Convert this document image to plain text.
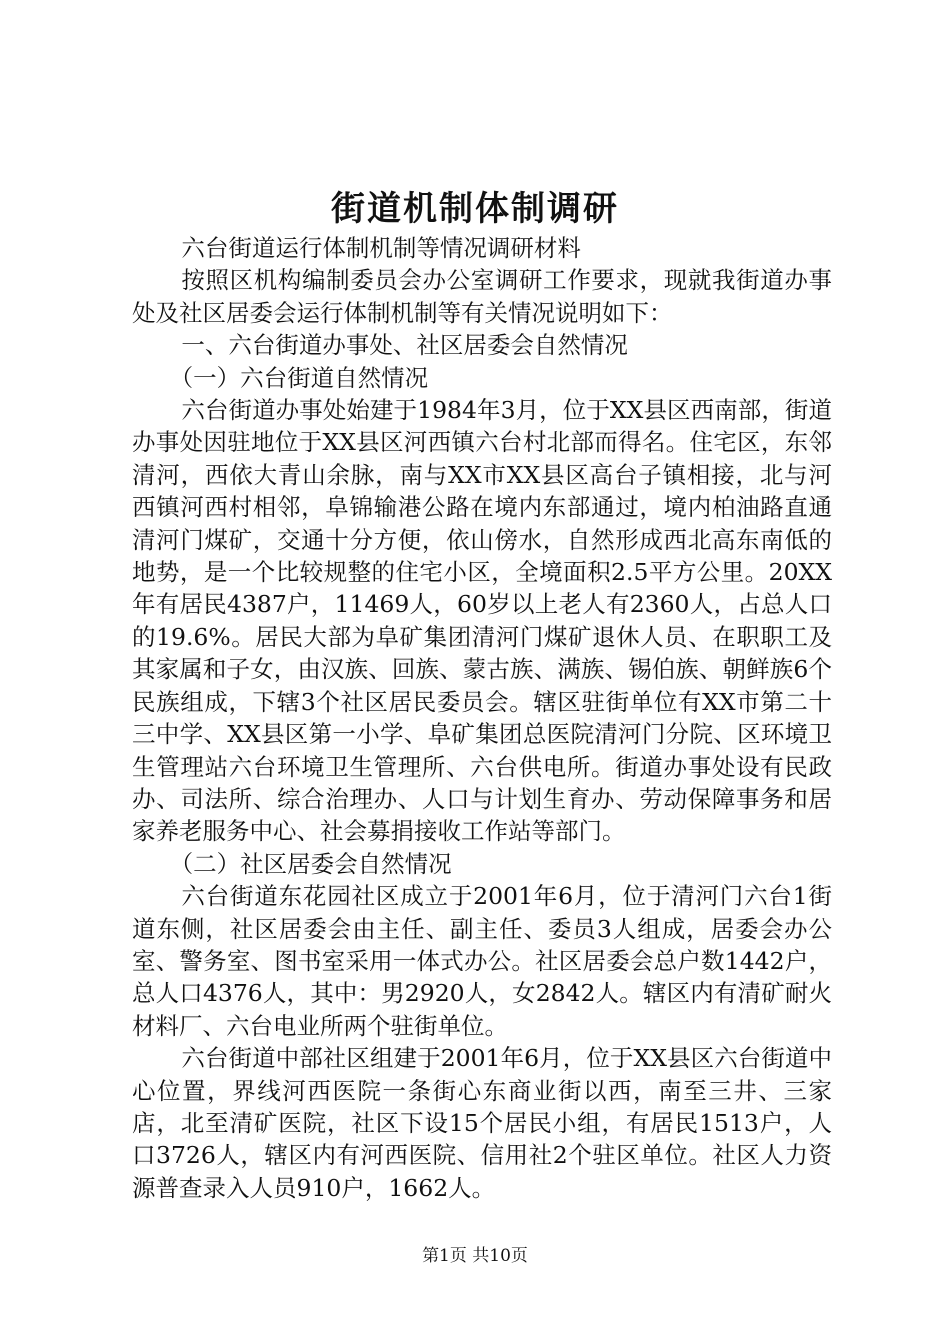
街道机制体制调研

六台街道运行体制机制等情况调研材料

按照区机构编制委员会办公室调研工作要求，现就我街道办事处及社区居委会运行体制机制等有关情况说明如下：

一、六台街道办事处、社区居委会自然情况

（一）六台街道自然情况

六台街道办事处始建于1984年3月，位于XX县区西南部，街道办事处因驻地位于XX县区河西镇六台村北部而得名。住宅区，东邻清河，西依大青山余脉，南与XX市XX县区高台子镇相接，北与河西镇河西村相邻，阜锦输港公路在境内东部通过，境内柏油路直通清河门煤矿，交通十分方便，依山傍水，自然形成西北高东南低的地势，是一个比较规整的住宅小区，全境面积2.5平方公里。20XX年有居民4387户，11469人，60岁以上老人有2360人，占总人口的19.6%。居民大部为阜矿集团清河门煤矿退休人员、在职职工及其家属和子女，由汉族、回族、蒙古族、满族、锡伯族、朝鲜族6个民族组成，下辖3个社区居民委员会。辖区驻街单位有XX市第二十三中学、XX县区第一小学、阜矿集团总医院清河门分院、区环境卫生管理站六台环境卫生管理所、六台供电所。街道办事处设有民政办、司法所、综合治理办、人口与计划生育办、劳动保障事务和居家养老服务中心、社会募捐接收工作站等部门。

（二）社区居委会自然情况

六台街道东花园社区成立于2001年6月，位于清河门六台1街道东侧，社区居委会由主任、副主任、委员3人组成，居委会办公室、警务室、图书室采用一体式办公。社区居委会总户数1442户，总人口4376人，其中：男2920人，女2842人。辖区内有清矿耐火材料厂、六台电业所两个驻街单位。

六台街道中部社区组建于2001年6月，位于XX县区六台街道中心位置，界线河西医院一条街心东商业街以西，南至三井、三家店，北至清矿医院，社区下设15个居民小组，有居民1513户，人口3726人，辖区内有河西医院、信用社2个驻区单位。社区人力资源普查录入人员910户，1662人。

第1页 共10页
